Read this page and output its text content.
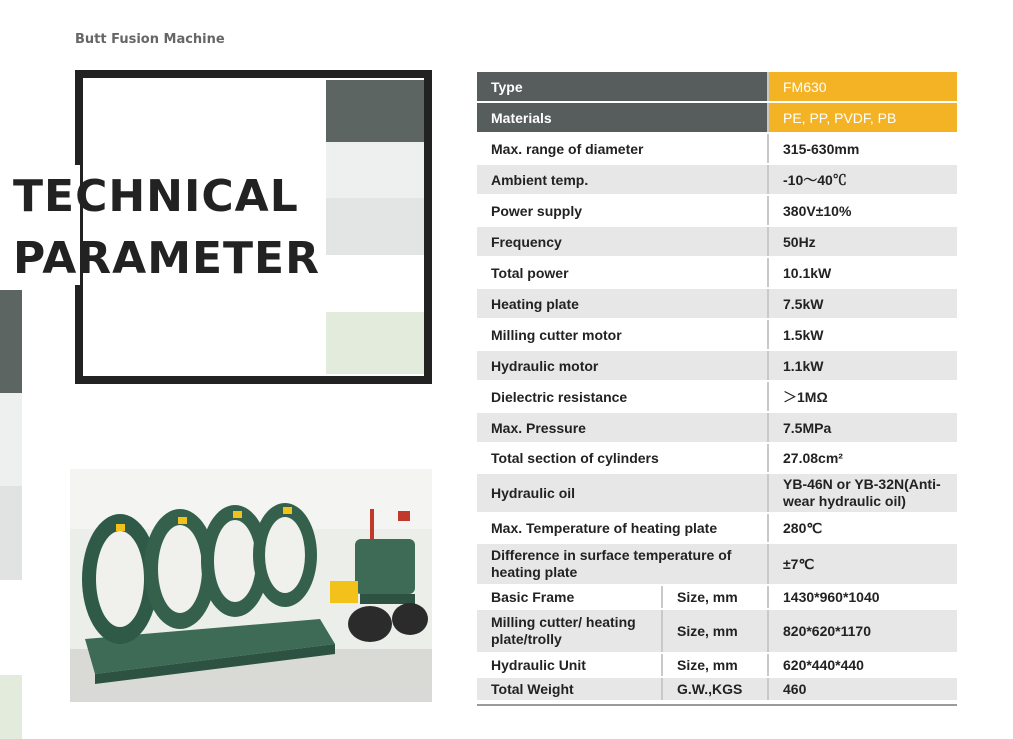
Butt Fusion Machine
TECHNICAL
PARAMETER
Type		FM630
Materials		PE, PP, PVDF, PB
Max. range of diameter		315-630mm
Ambient temp.		-10～40℃
Power supply		380V±10%
Frequency		50Hz
Total power		10.1kW
Heating plate		7.5kW
Milling cutter motor		1.5kW
Hydraulic motor		1.1kW
Dielectric resistance		＞1MΩ
Max. Pressure		7.5MPa
Total section of cylinders		27.08cm²
Hydraulic oil		YB-46N or YB-32N(Anti-wear hydraulic oil)
Max. Temperature of heating plate		280℃
Difference in surface temperature of heating plate		±7℃
Basic Frame	Size, mm	1430*960*1040
Milling cutter/ heating plate/trolly	Size, mm	820*620*1170
Hydraulic Unit	Size, mm	620*440*440
Total Weight	G.W.,KGS	460
